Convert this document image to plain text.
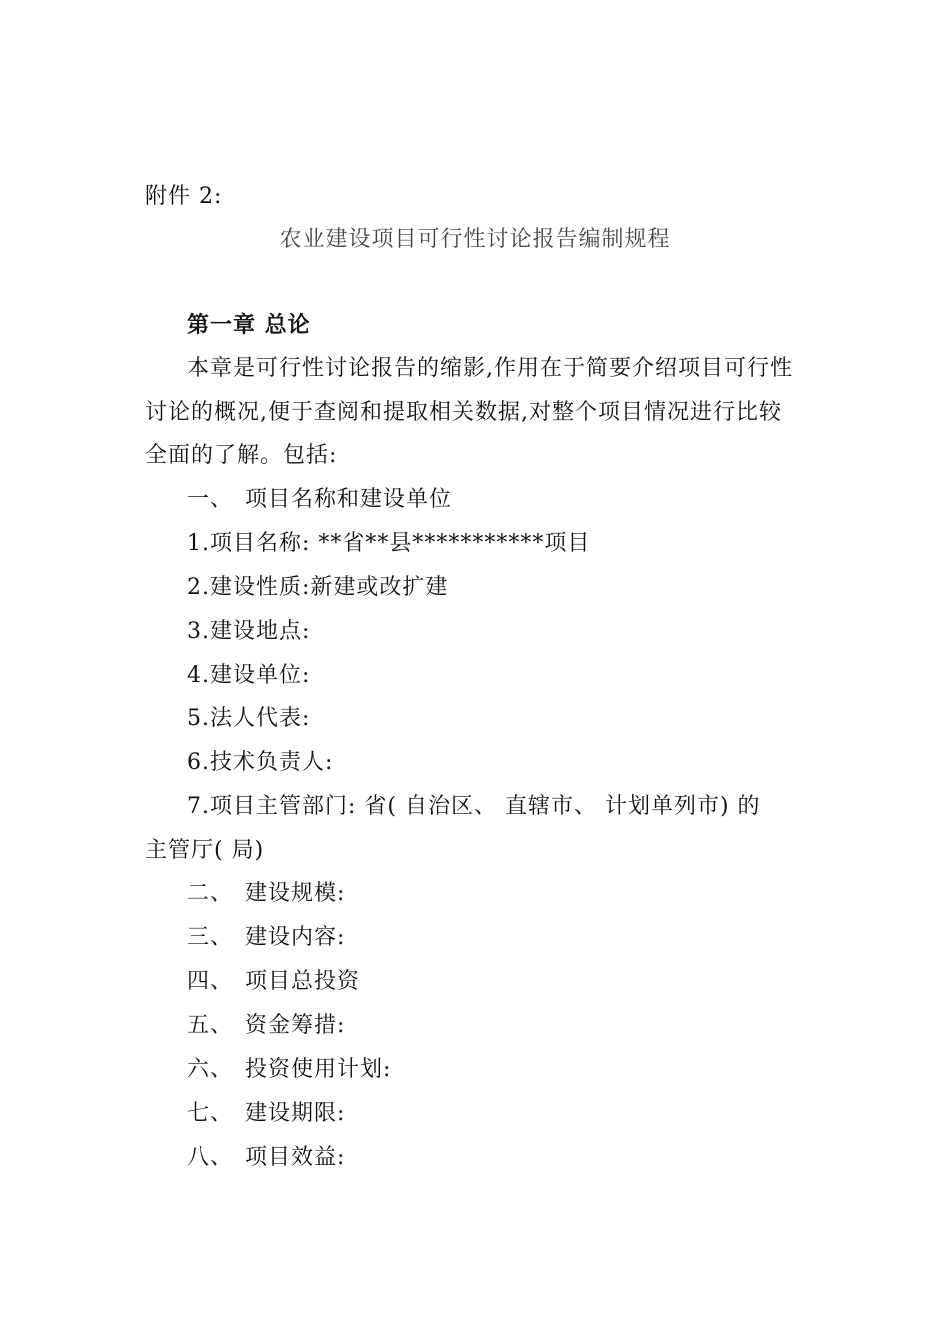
附件 2:
农业建设项目可行性讨论报告编制规程
第一章 总论
本章是可行性讨论报告的缩影,作用在于简要介绍项目可行性
讨论的概况,便于查阅和提取相关数据,对整个项目情况进行比较
全面的了解。包括:
一、 项目名称和建设单位
1.项目名称: **省**县***********项目
2.建设性质:新建或改扩建
3.建设地点:
4.建设单位:
5.法人代表:
6.技术负责人:
7.项目主管部门: 省( 自治区、 直辖市、 计划单列市) 的
主管厅( 局)
二、 建设规模:
三、 建设内容:
四、 项目总投资
五、 资金筹措:
六、 投资使用计划:
七、 建设期限:
八、 项目效益:
